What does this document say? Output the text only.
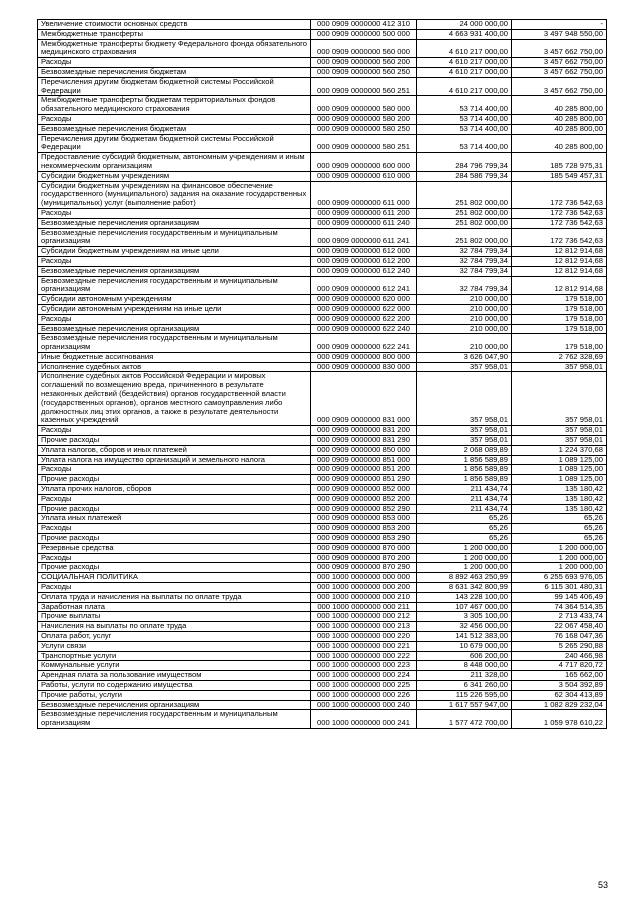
Увеличение стоимости основных средств	000 0909 0000000 412 310	24 000 000,00	-
Межбюджетные трансферты	000 0909 0000000 500 000	4 663 931 400,00	3 497 948 550,00
Межбюджетные трансферты бюджету Федерального фонда обязательного медицинского страхования	000 0909 0000000 560 000	4 610 217 000,00	3 457 662 750,00
Расходы	000 0909 0000000 560 200	4 610 217 000,00	3 457 662 750,00
Безвозмездные перечисления бюджетам	000 0909 0000000 560 250	4 610 217 000,00	3 457 662 750,00
Перечисления другим бюджетам бюджетной системы Российской Федерации	000 0909 0000000 560 251	4 610 217 000,00	3 457 662 750,00
Межбюджетные трансферты бюджетам территориальных фондов обязательного медицинского страхования	000 0909 0000000 580 000	53 714 400,00	40 285 800,00
Расходы	000 0909 0000000 580 200	53 714 400,00	40 285 800,00
Безвозмездные перечисления бюджетам	000 0909 0000000 580 250	53 714 400,00	40 285 800,00
Перечисления другим бюджетам бюджетной системы Российской Федерации	000 0909 0000000 580 251	53 714 400,00	40 285 800,00
Предоставление субсидий бюджетным, автономным учреждениям и иным некоммерческим организациям	000 0909 0000000 600 000	284 796 799,34	185 728 975,31
Субсидии бюджетным учреждениям	000 0909 0000000 610 000	284 586 799,34	185 549 457,31
Субсидии бюджетным учреждениям на финансовое обеспечение государственного (муниципального) задания на оказание государственных (муниципальных) услуг (выполнение работ)	000 0909 0000000 611 000	251 802 000,00	172 736 542,63
Расходы	000 0909 0000000 611 200	251 802 000,00	172 736 542,63
Безвозмездные перечисления организациям	000 0909 0000000 611 240	251 802 000,00	172 736 542,63
Безвозмездные перечисления государственным и муниципальным организациям	000 0909 0000000 611 241	251 802 000,00	172 736 542,63
Субсидии бюджетным учреждениям на иные цели	000 0909 0000000 612 000	32 784 799,34	12 812 914,68
Расходы	000 0909 0000000 612 200	32 784 799,34	12 812 914,68
Безвозмездные перечисления организациям	000 0909 0000000 612 240	32 784 799,34	12 812 914,68
Безвозмездные перечисления государственным и муниципальным организациям	000 0909 0000000 612 241	32 784 799,34	12 812 914,68
Субсидии автономным учреждениям	000 0909 0000000 620 000	210 000,00	179 518,00
Субсидии автономным учреждениям на иные цели	000 0909 0000000 622 000	210 000,00	179 518,00
Расходы	000 0909 0000000 622 200	210 000,00	179 518,00
Безвозмездные перечисления организациям	000 0909 0000000 622 240	210 000,00	179 518,00
Безвозмездные перечисления государственным и муниципальным организациям	000 0909 0000000 622 241	210 000,00	179 518,00
Иные бюджетные ассигнования	000 0909 0000000 800 000	3 626 047,90	2 762 328,69
Исполнение судебных актов	000 0909 0000000 830 000	357 958,01	357 958,01
Исполнение судебных актов Российской Федерации и мировых соглашений по возмещению вреда, причиненного в результате незаконных действий (бездействия) органов государственной власти (государственных органов), органов местного самоуправления либо должностных лиц этих органов, а также в результате деятельности казенных учреждений	000 0909 0000000 831 000	357 958,01	357 958,01
Расходы	000 0909 0000000 831 200	357 958,01	357 958,01
Прочие расходы	000 0909 0000000 831 290	357 958,01	357 958,01
Уплата налогов, сборов и иных платежей	000 0909 0000000 850 000	2 068 089,89	1 224 370,68
Уплата налога на имущество организаций и земельного налога	000 0909 0000000 851 000	1 856 589,89	1 089 125,00
Расходы	000 0909 0000000 851 200	1 856 589,89	1 089 125,00
Прочие расходы	000 0909 0000000 851 290	1 856 589,89	1 089 125,00
Уплата прочих налогов, сборов	000 0909 0000000 852 000	211 434,74	135 180,42
Расходы	000 0909 0000000 852 200	211 434,74	135 180,42
Прочие расходы	000 0909 0000000 852 290	211 434,74	135 180,42
Уплата иных платежей	000 0909 0000000 853 000	65,26	65,26
Расходы	000 0909 0000000 853 200	65,26	65,26
Прочие расходы	000 0909 0000000 853 290	65,26	65,26
Резервные средства	000 0909 0000000 870 000	1 200 000,00	1 200 000,00
Расходы	000 0909 0000000 870 200	1 200 000,00	1 200 000,00
Прочие расходы	000 0909 0000000 870 290	1 200 000,00	1 200 000,00
СОЦИАЛЬНАЯ ПОЛИТИКА	000 1000 0000000 000 000	8 892 463 250,99	6 255 693 976,05
Расходы	000 1000 0000000 000 200	8 631 342 800,99	6 115 301 480,31
Оплата труда и начисления на выплаты по оплате труда	000 1000 0000000 000 210	143 228 100,00	99 145 406,49
Заработная плата	000 1000 0000000 000 211	107 467 000,00	74 364 514,35
Прочие выплаты	000 1000 0000000 000 212	3 305 100,00	2 713 433,74
Начисления на выплаты по оплате труда	000 1000 0000000 000 213	32 456 000,00	22 067 458,40
Оплата работ, услуг	000 1000 0000000 000 220	141 512 383,00	76 168 047,36
Услуги связи	000 1000 0000000 000 221	10 679 000,00	5 265 290,88
Транспортные услуги	000 1000 0000000 000 222	606 200,00	240 466,98
Коммунальные услуги	000 1000 0000000 000 223	8 448 000,00	4 717 820,72
Арендная плата за пользование имуществом	000 1000 0000000 000 224	211 328,00	165 662,00
Работы, услуги по содержанию имущества	000 1000 0000000 000 225	6 341 260,00	3 504 392,89
Прочие работы, услуги	000 1000 0000000 000 226	115 226 595,00	62 304 413,89
Безвозмездные перечисления организациям	000 1000 0000000 000 240	1 617 557 947,00	1 082 829 232,04
Безвозмездные перечисления государственным и муниципальным организациям	000 1000 0000000 000 241	1 577 472 700,00	1 059 978 610,22
53
